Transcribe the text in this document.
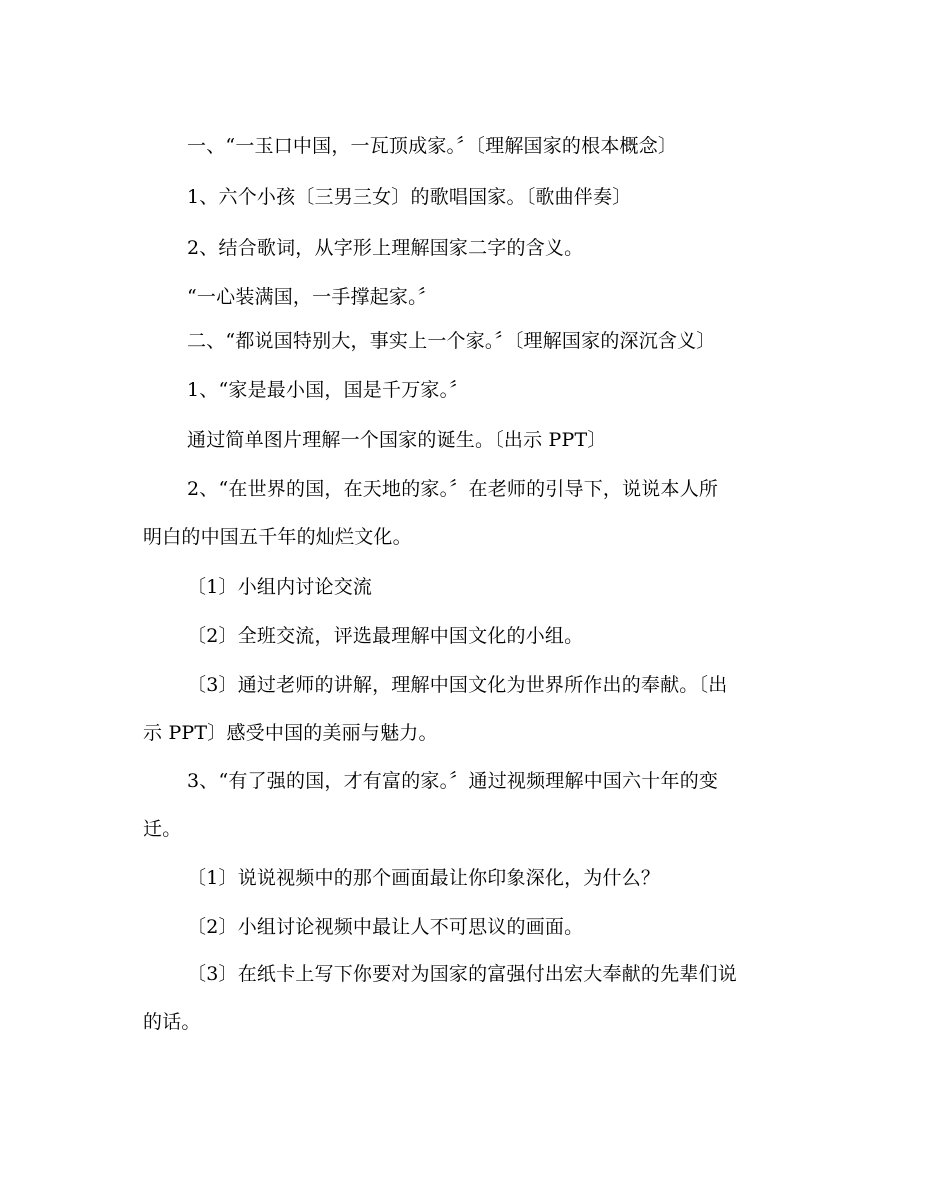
一、“一玉口中国，一瓦顶成家。〞〔理解国家的根本概念〕
1、六个小孩〔三男三女〕的歌唱国家。〔歌曲伴奏〕
2、结合歌词，从字形上理解国家二字的含义。
“一心装满国，一手撑起家。〞
二、“都说国特别大，事实上一个家。〞〔理解国家的深沉含义〕
1、“家是最小国，国是千万家。〞
通过简单图片理解一个国家的诞生。〔出示 PPT〕
2、“在世界的国，在天地的家。〞在老师的引导下，说说本人所
明白的中国五千年的灿烂文化。
〔1〕小组内讨论交流
〔2〕全班交流，评选最理解中国文化的小组。
〔3〕通过老师的讲解，理解中国文化为世界所作出的奉献。〔出
示 PPT〕感受中国的美丽与魅力。
3、“有了强的国，才有富的家。〞通过视频理解中国六十年的变
迁。
〔1〕说说视频中的那个画面最让你印象深化，为什么？
〔2〕小组讨论视频中最让人不可思议的画面。
〔3〕在纸卡上写下你要对为国家的富强付出宏大奉献的先辈们说
的话。
